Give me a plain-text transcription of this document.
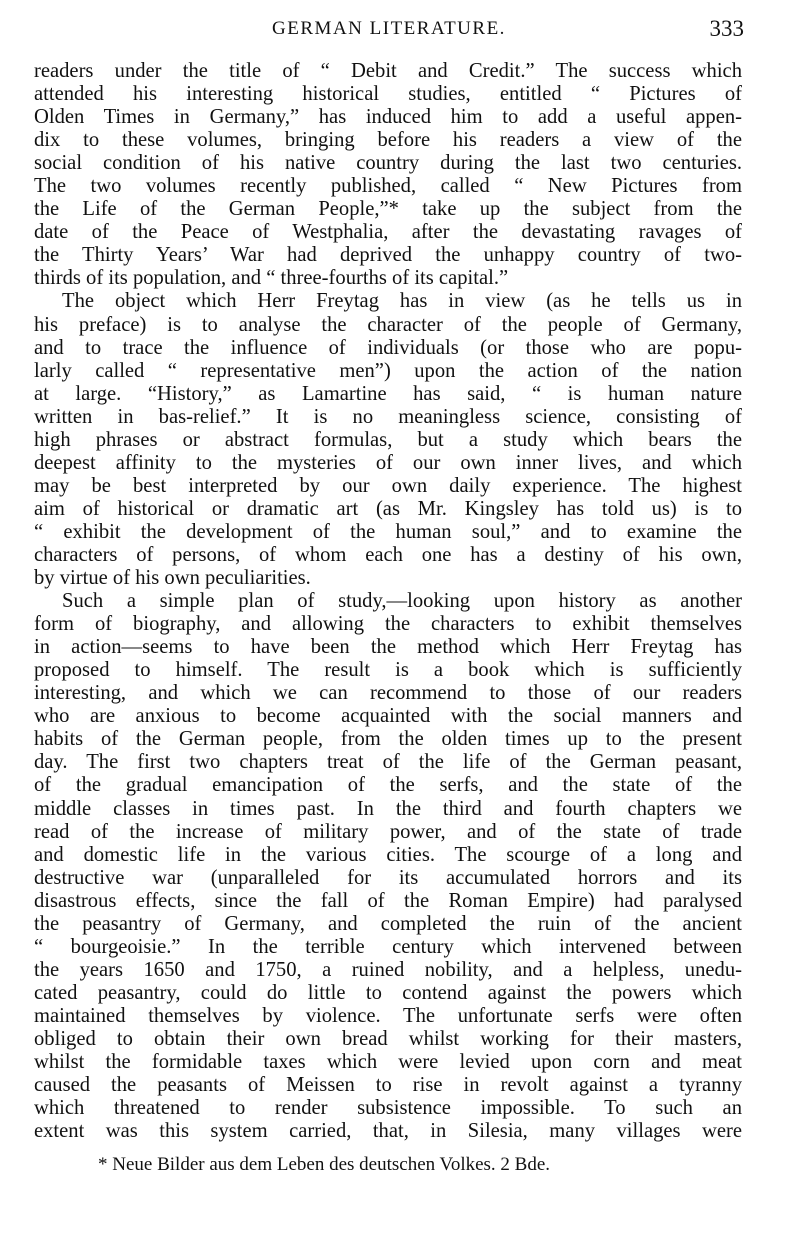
GERMAN LITERATURE.	333
readers under the title of “ Debit and Credit.” The success which
attended his interesting historical studies, entitled “ Pictures of
Olden Times in Germany,” has induced him to add a useful appen-
dix to these volumes, bringing before his readers a view of the
social condition of his native country during the last two centuries.
The two volumes recently published, called “ New Pictures from
the Life of the German People,”* take up the subject from the
date of the Peace of Westphalia, after the devastating ravages of
the Thirty Years’ War had deprived the unhappy country of two-
thirds of its population, and “ three-fourths of its capital.”
The object which Herr Freytag has in view (as he tells us in
his preface) is to analyse the character of the people of Germany,
and to trace the influence of individuals (or those who are popu-
larly called “ representative men”) upon the action of the nation
at large. “History,” as Lamartine has said, “ is human nature
written in bas-relief.” It is no meaningless science, consisting of
high phrases or abstract formulas, but a study which bears the
deepest affinity to the mysteries of our own inner lives, and which
may be best interpreted by our own daily experience. The highest
aim of historical or dramatic art (as Mr. Kingsley has told us) is to
“ exhibit the development of the human soul,” and to examine the
characters of persons, of whom each one has a destiny of his own,
by virtue of his own peculiarities.
Such a simple plan of study,—looking upon history as another
form of biography, and allowing the characters to exhibit themselves
in action—seems to have been the method which Herr Freytag has
proposed to himself. The result is a book which is sufficiently
interesting, and which we can recommend to those of our readers
who are anxious to become acquainted with the social manners and
habits of the German people, from the olden times up to the present
day. The first two chapters treat of the life of the German peasant,
of the gradual emancipation of the serfs, and the state of the
middle classes in times past. In the third and fourth chapters we
read of the increase of military power, and of the state of trade
and domestic life in the various cities. The scourge of a long and
destructive war (unparalleled for its accumulated horrors and its
disastrous effects, since the fall of the Roman Empire) had paralysed
the peasantry of Germany, and completed the ruin of the ancient
“ bourgeoisie.” In the terrible century which intervened between
the years 1650 and 1750, a ruined nobility, and a helpless, unedu-
cated peasantry, could do little to contend against the powers which
maintained themselves by violence. The unfortunate serfs were often
obliged to obtain their own bread whilst working for their masters,
whilst the formidable taxes which were levied upon corn and meat
caused the peasants of Meissen to rise in revolt against a tyranny
which threatened to render subsistence impossible. To such an
extent was this system carried, that, in Silesia, many villages were
* Neue Bilder aus dem Leben des deutschen Volkes. 2 Bde.
